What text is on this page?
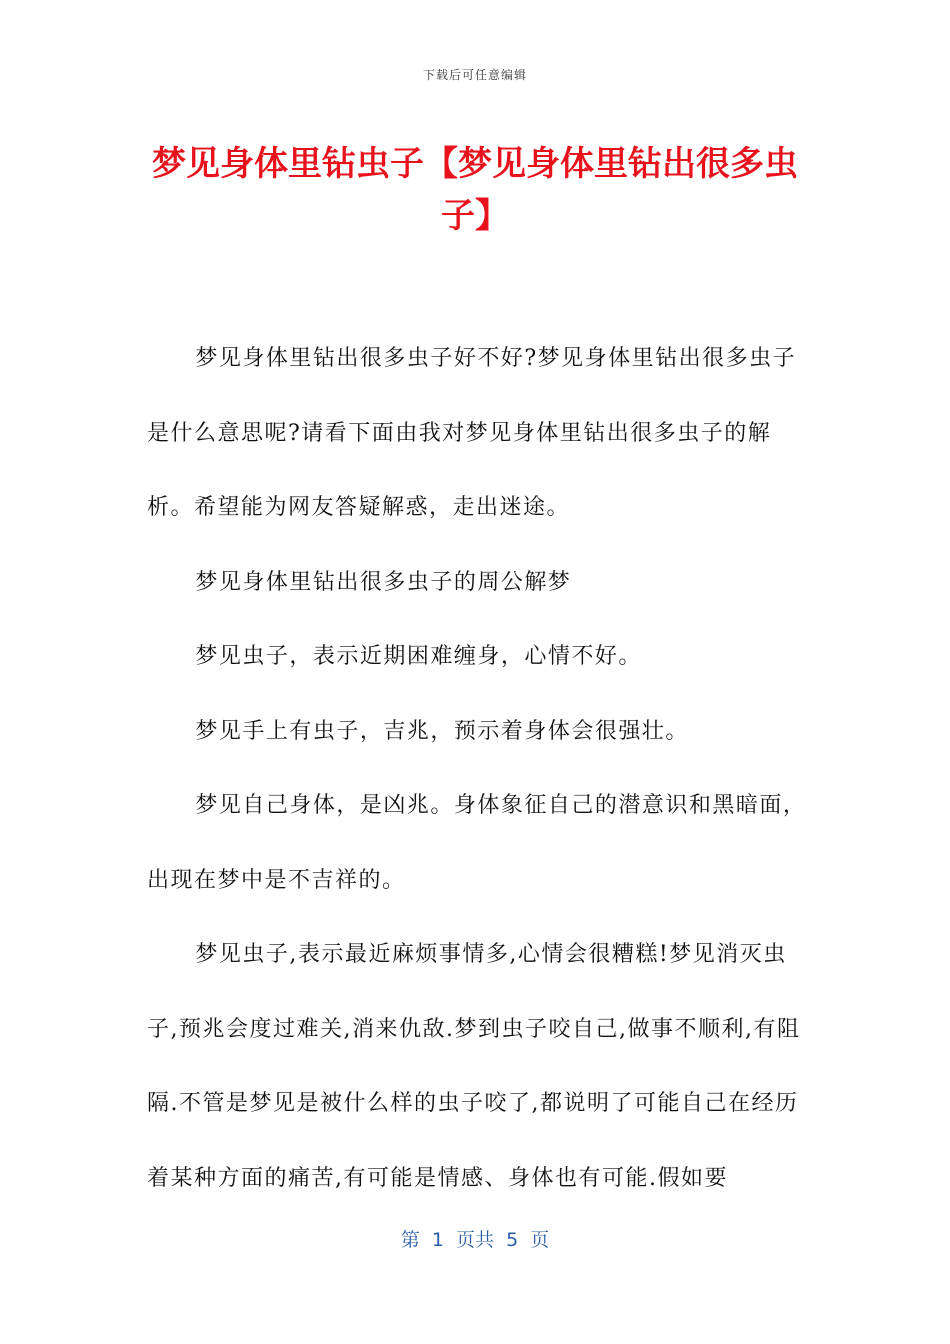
下载后可任意编辑
梦见身体里钻虫子【梦见身体里钻出很多虫子】

梦见身体里钻出很多虫子好不好?梦见身体里钻出很多虫子是什么意思呢?请看下面由我对梦见身体里钻出很多虫子的解析。希望能为网友答疑解惑，走出迷途。

梦见身体里钻出很多虫子的周公解梦

梦见虫子，表示近期困难缠身，心情不好。

梦见手上有虫子，吉兆，预示着身体会很强壮。

梦见自己身体，是凶兆。身体象征自己的潜意识和黑暗面，出现在梦中是不吉祥的。

梦见虫子,表示最近麻烦事情多,心情会很糟糕!梦见消灭虫子,预兆会度过难关,消来仇敌.梦到虫子咬自己,做事不顺利,有阻隔.不管是梦见是被什么样的虫子咬了,都说明了可能自己在经历着某种方面的痛苦,有可能是情感、身体也有可能.假如要

第  1  页共  5  页
